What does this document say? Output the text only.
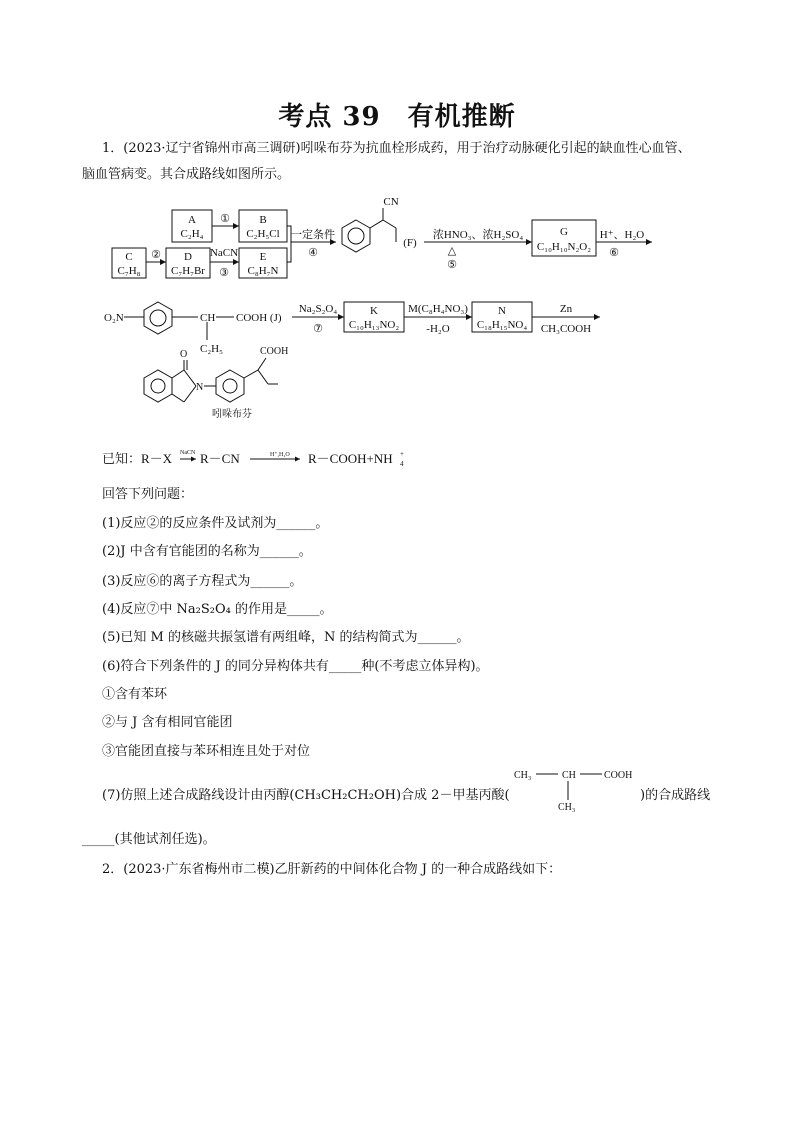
考点 39　有机推断
1．(2023·辽宁省锦州市高三调研)吲哚布芬为抗血栓形成药，用于治疗动脉硬化引起的缺血性心血管、
脑血管病变。其合成路线如图所示。
A
C₂H₄
B
C₂H₅Cl
C
C₇H₈
D
C₇H₇Br
E
C₈H₇N
①
②	NaCN
③
一定条件
④
CN
(F)
浓HNO₃、浓H₂SO₄
△
⑤
G
C₁₀H₁₀N₂O₂
H⁺、H₂O
⑥
O₂N	CH COOH (J)
C₂H₅
Na₂S₂O₄
⑦
K
C₁₀H₁₃NO₂
M(C₈H₄NO₃)
-H₂O
N
C₁₈H₁₅NO₄
Zn
CH₃COOH
O
N
COOH
吲哚布芬
已知：R－X NaCN R－CN	H⁺,H₂O R－COOH+NH 4
+
回答下列问题：
(1)反应②的反应条件及试剂为______。
(2)J 中含有官能团的名称为______。
(3)反应⑥的离子方程式为______。
(4)反应⑦中 Na₂S₂O₄ 的作用是_____。
(5)已知 M 的核磁共振氢谱有两组峰，N 的结构简式为______。
(6)符合下列条件的 J 的同分异构体共有_____种(不考虑立体异构)。
①含有苯环
②与 J 含有相同官能团
③官能团直接与苯环相连且处于对位
(7)仿照上述合成路线设计由丙醇(CH₃CH₂CH₂OH)合成 2－甲基丙酸(
CH₃	CH	COOH
CH₃
)的合成路线
_____(其他试剂任选)。
2．(2023·广东省梅州市二模)乙肝新药的中间体化合物 J 的一种合成路线如下：
